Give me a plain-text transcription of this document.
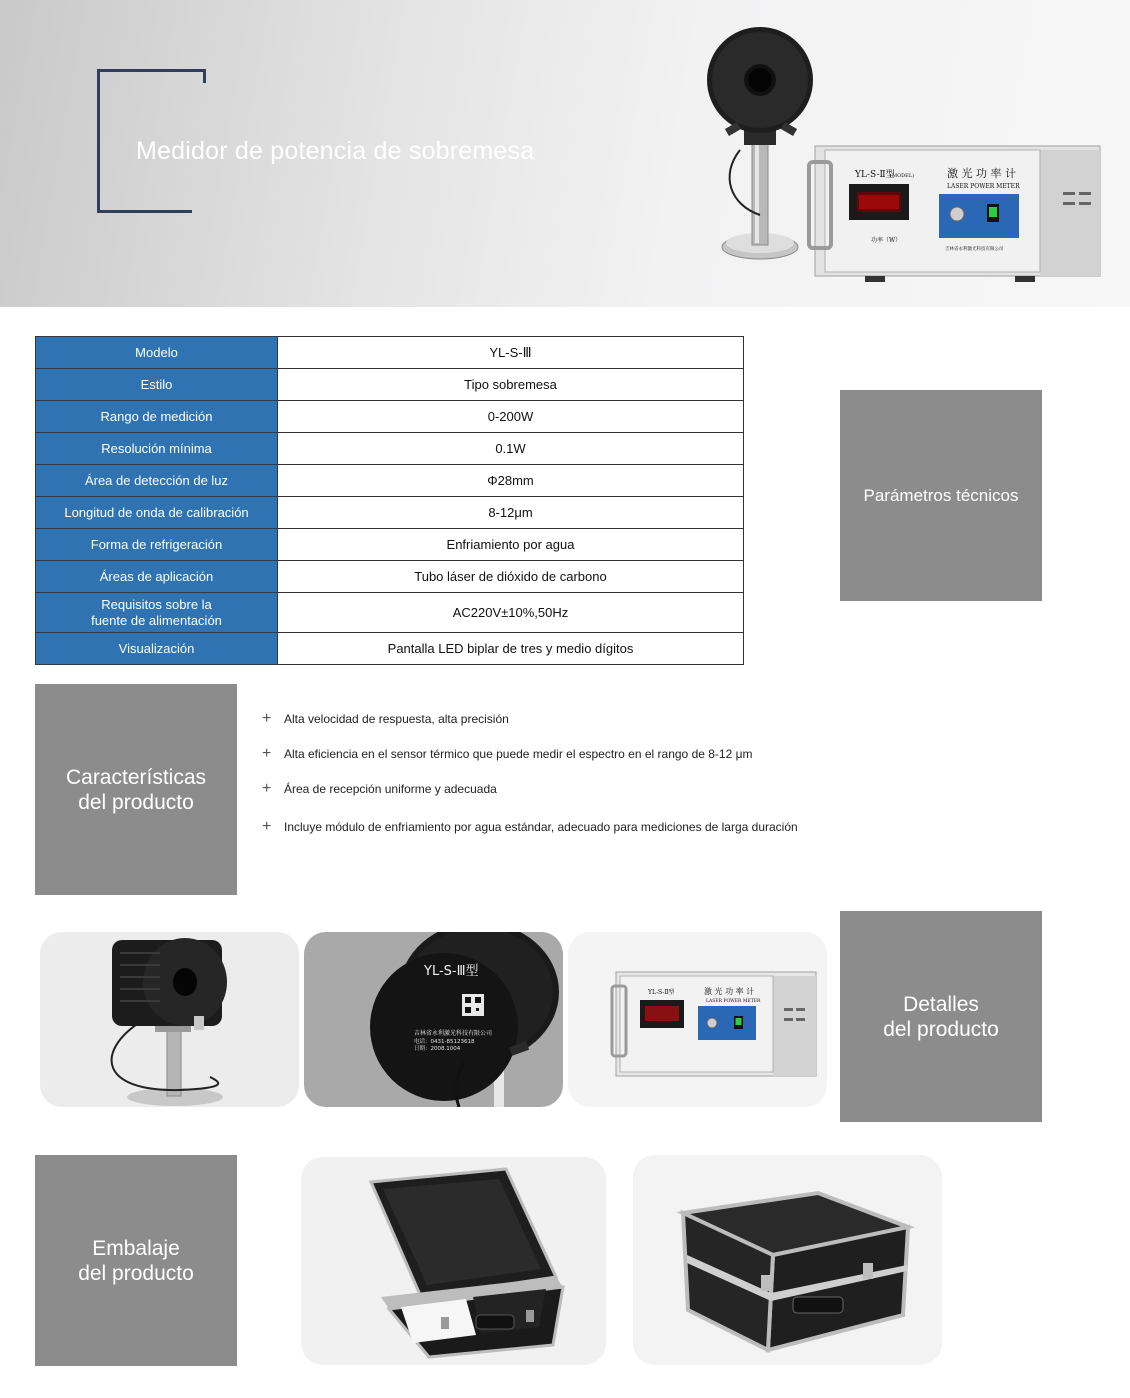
Medidor de potencia de sobremesa
YL-S-Ⅱ型
(MODEL)	激 光 功 率 计
LASER POWER METER
功率（W）
吉林省永利激光科技有限公司
Modelo	YL-S-Ⅲ
Estilo	Tipo sobremesa
Rango de medición	0-200W
Resolución mínima	0.1W
Área de detección de luz	Φ28mm
Longitud de onda de calibración	8-12μm
Forma de refrigeración	Enfriamiento por agua
Áreas de aplicación	Tubo láser de dióxido de carbono
Requisitos sobre la
fuente de alimentación	AC220V±10%,50Hz
Visualización	Pantalla LED biplar de tres y medio dígitos
Parámetros técnicos
Características
del producto
+ Alta velocidad de respuesta, alta precisión
+ Alta eficiencia en el sensor térmico que puede medir el espectro en el rango de 8-12 μm
+ Área de recepción uniforme y adecuada
+ Incluye módulo de enfriamiento por agua estándar, adecuado para mediciones de larga duración
YL-S-Ⅲ型
吉林省永利激光科技有限公司
电话：0431-85123618
日期：2008.1004
YL-S-Ⅱ型	激 光 功 率 计
LASER POWER METER	Detalles
del producto
Embalaje
del producto
